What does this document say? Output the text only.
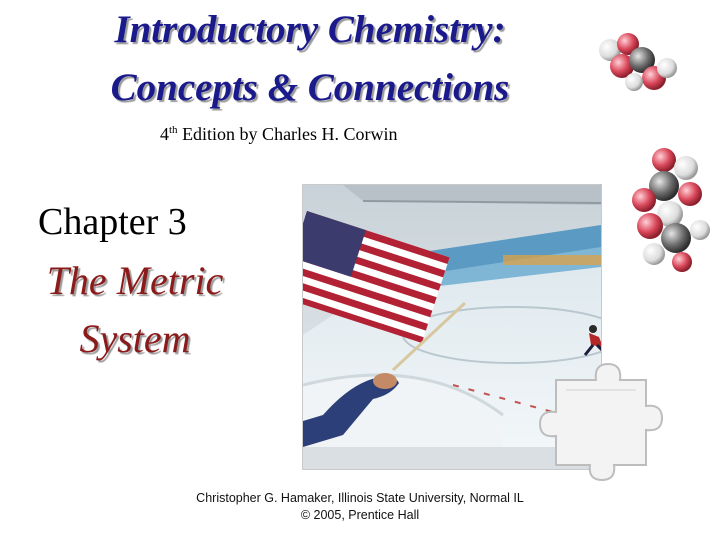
Introductory Chemistry:
Concepts & Connections
4th Edition by Charles H. Corwin
Chapter 3
The Metric
System
Christopher G. Hamaker, Illinois State University, Normal IL
© 2005, Prentice Hall
